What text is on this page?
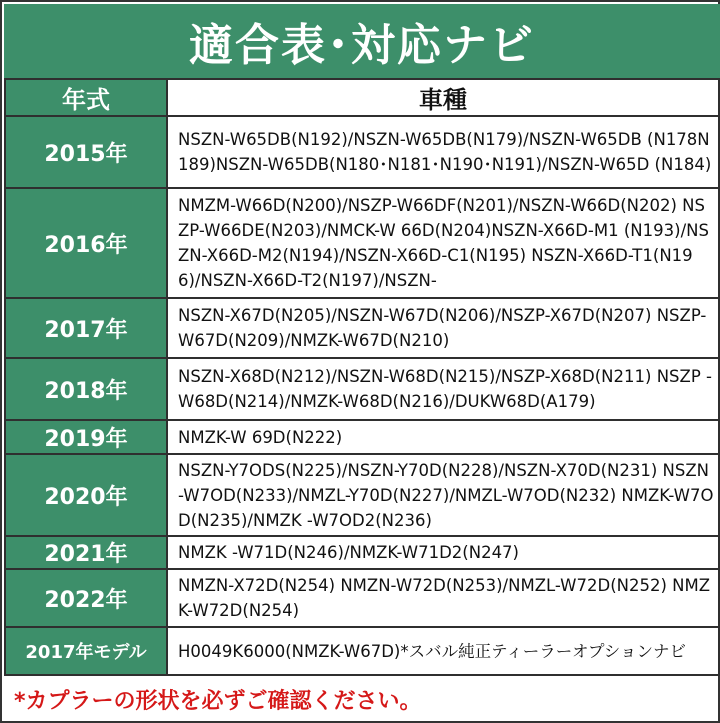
適合表･対応ナビ
年式	車種
2015年	NSZN-W65DB(N192)/NSZN-W65DB(N179)/NSZN-W65DB (N178N189)NSZN-W65DB(N180･N181･N190･N191)/NSZN-W65D (N184)
2016年	NMZM-W66D(N200)/NSZP-W66DF(N201)/NSZN-W66D(N202) NSZP-W66DE(N203)/NMCK-W 66D(N204)NSZN-X66D-M1 (N193)/NSZN-X66D-M2(N194)/NSZN-X66D-C1(N195) NSZN-X66D-T1(N196)/NSZN-X66D-T2(N197)/NSZN-
2017年	NSZN-X67D(N205)/NSZN-W67D(N206)/NSZP-X67D(N207) NSZP-W67D(N209)/NMZK-W67D(N210)
2018年	NSZN-X68D(N212)/NSZN-W68D(N215)/NSZP-X68D(N211) NSZP -W68D(N214)/NMZK-W68D(N216)/DUKW68D(A179)
2019年	NMZK-W 69D(N222)
2020年	NSZN-Y7ODS(N225)/NSZN-Y70D(N228)/NSZN-X70D(N231) NSZN-W7OD(N233)/NMZL-Y70D(N227)/NMZL-W7OD(N232) NMZK-W7OD(N235)/NMZK -W7OD2(N236)
2021年	NMZK -W71D(N246)/NMZK-W71D2(N247)
2022年	NMZN-X72D(N254) NMZN-W72D(N253)/NMZL-W72D(N252) NMZK-W72D(N254)
2017年モデル	H0049K6000(NMZK-W67D)*スバル純正ティーラーオプションナビ
*カプラーの形状を必ずご確認ください。
